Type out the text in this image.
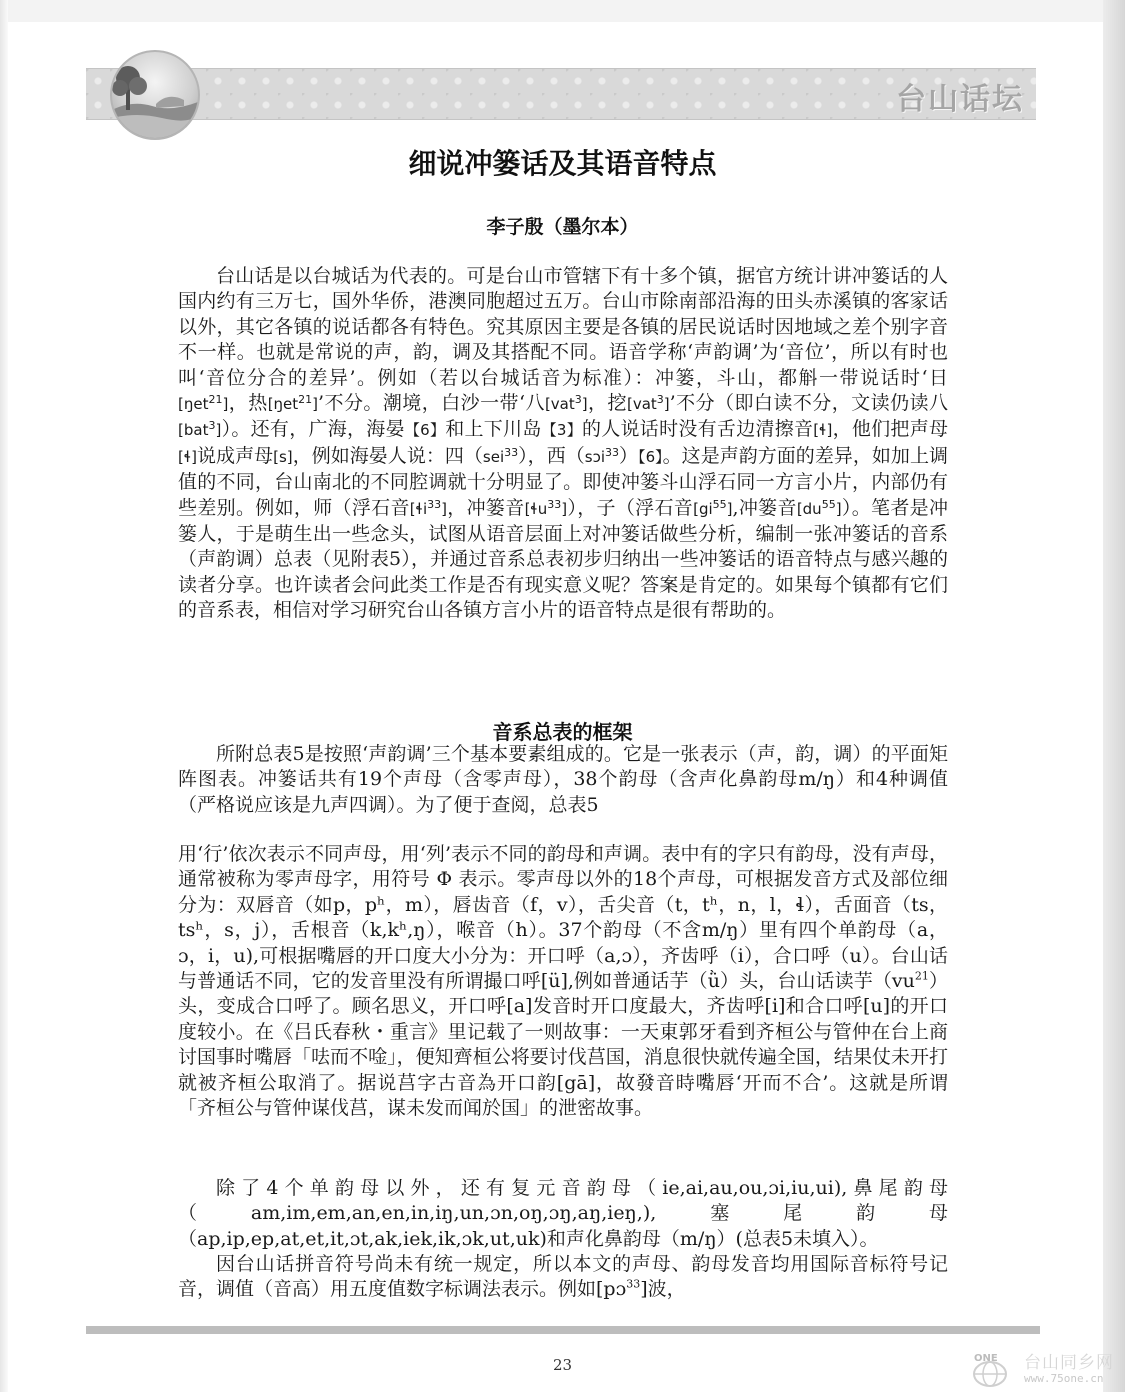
台山话坛
细说冲篓话及其语音特点
李子殷（墨尔本）

台山话是以台城话为代表的。可是台山市管辖下有十多个镇，据官方统计讲冲篓话的人国内约有三万七，国外华侨，港澳同胞超过五万。台山市除南部沿海的田头赤溪镇的客家话以外，其它各镇的说话都各有特色。究其原因主要是各镇的居民说话时因地域之差个别字音不一样。也就是常说的声，韵，调及其搭配不同。语音学称‘声韵调’为‘音位’，所以有时也叫‘音位分合的差异’。例如（若以台城话音为标准）：冲篓，斗山，都斛一带说话时‘日[ŋet$^{21}$]，热[ŋet$^{21}$]’不分。潮境，白沙一带‘八[vat$^3$]，挖[vat$^3$]’不分（即白读不分，文读仍读八[bat$^3$]）。还有，广海，海晏【6】和上下川岛【3】的人说话时没有舌边清擦音[ɬ]，他们把声母[ɬ]说成声母[s]，例如海晏人说：四（sei$^{33}$），西（sɔi$^{33}$）【6】。这是声韵方面的差异，如加上调值的不同，台山南北的不同腔调就十分明显了。即使冲篓斗山浮石同一方言小片，内部仍有些差别。例如，师（浮石音[ɬi$^{33}$]，冲篓音[ɬu$^{33}$]），子（浮石音$[gi^{55}]$,冲篓音$[du^{55}]$）。笔者是冲篓人，于是萌生出一些念头，试图从语音层面上对冲篓话做些分析，编制一张冲篓话的音系（声韵调）总表（见附表5），并通过音系总表初步归纳出一些冲篓话的语音特点与感兴趣的读者分享。也许读者会问此类工作是否有现实意义呢？答案是肯定的。如果每个镇都有它们的音系表，相信对学习研究台山各镇方言小片的语音特点是很有帮助的。

音系总表的框架

所附总表5是按照‘声韵调’三个基本要素组成的。它是一张表示（声，韵，调）的平面矩阵图表。冲篓话共有19个声母（含零声母），38个韵母（含声化鼻韵母m/ŋ）和4种调值（严格说应该是九声四调）。为了便于查阅，总表5

用‘行’依次表示不同声母，用‘列’表示不同的韵母和声调。表中有的字只有韵母，没有声母，通常被称为零声母字，用符号 Φ 表示。零声母以外的18个声母，可根据发音方式及部位细分为：双唇音（如p，pʰ，m），唇齿音（f，v），舌尖音（t，tʰ，n，l，ɬ），舌面音（ts，tsʰ，s，j），舌根音（k,kʰ,ŋ），喉音（h）。37个韵母（不含m/ŋ）里有四个单韵母（a，ɔ，i，u),可根据嘴唇的开口度大小分为：开口呼（a,ɔ），齐齿呼（i），合口呼（u）。台山话与普通话不同，它的发音里没有所谓撮口呼[ü],例如普通话芋（ǜ）头，台山话读芋$(vu^{21})$头，变成合口呼了。顾名思义，开口呼[a]发音时开口度最大，齐齿呼[i]和合口呼[u]的开口度较小。在《吕氏春秋・重言》里记载了一则故事：一天東郭牙看到齐桓公与管仲在台上商讨国事时嘴唇「呿而不唫」，便知齊桓公将要讨伐莒国，消息很快就传遍全国，结果仗未开打就被齐桓公取消了。据说莒字古音為开口韵[gā]，故發音時嘴唇‘开而不合’。这就是所谓「齐桓公与管仲谋伐莒，谋未发而闻於国」的泄密故事。

除了4个单韵母以外，还有复元音韵母（ie,ai,au,ou,ɔi,iu,ui),鼻尾韵母（am,im,em,an,en,in,iŋ,un,ɔn,oŋ,ɔŋ,aŋ,ieŋ,),塞尾韵母（ap,ip,ep,at,et,it,ɔt,ak,iek,ik,ɔk,ut,uk)和声化鼻韵母（m/ŋ）(总表5未填入）。

因台山话拼音符号尚未有统一规定，所以本文的声母、韵母发音均用国际音标符号记音，调值（音高）用五度值数字标调法表示。例如[pɔ$^{33}$]波，

23	ONE 台山同乡网
www.75one.cn
